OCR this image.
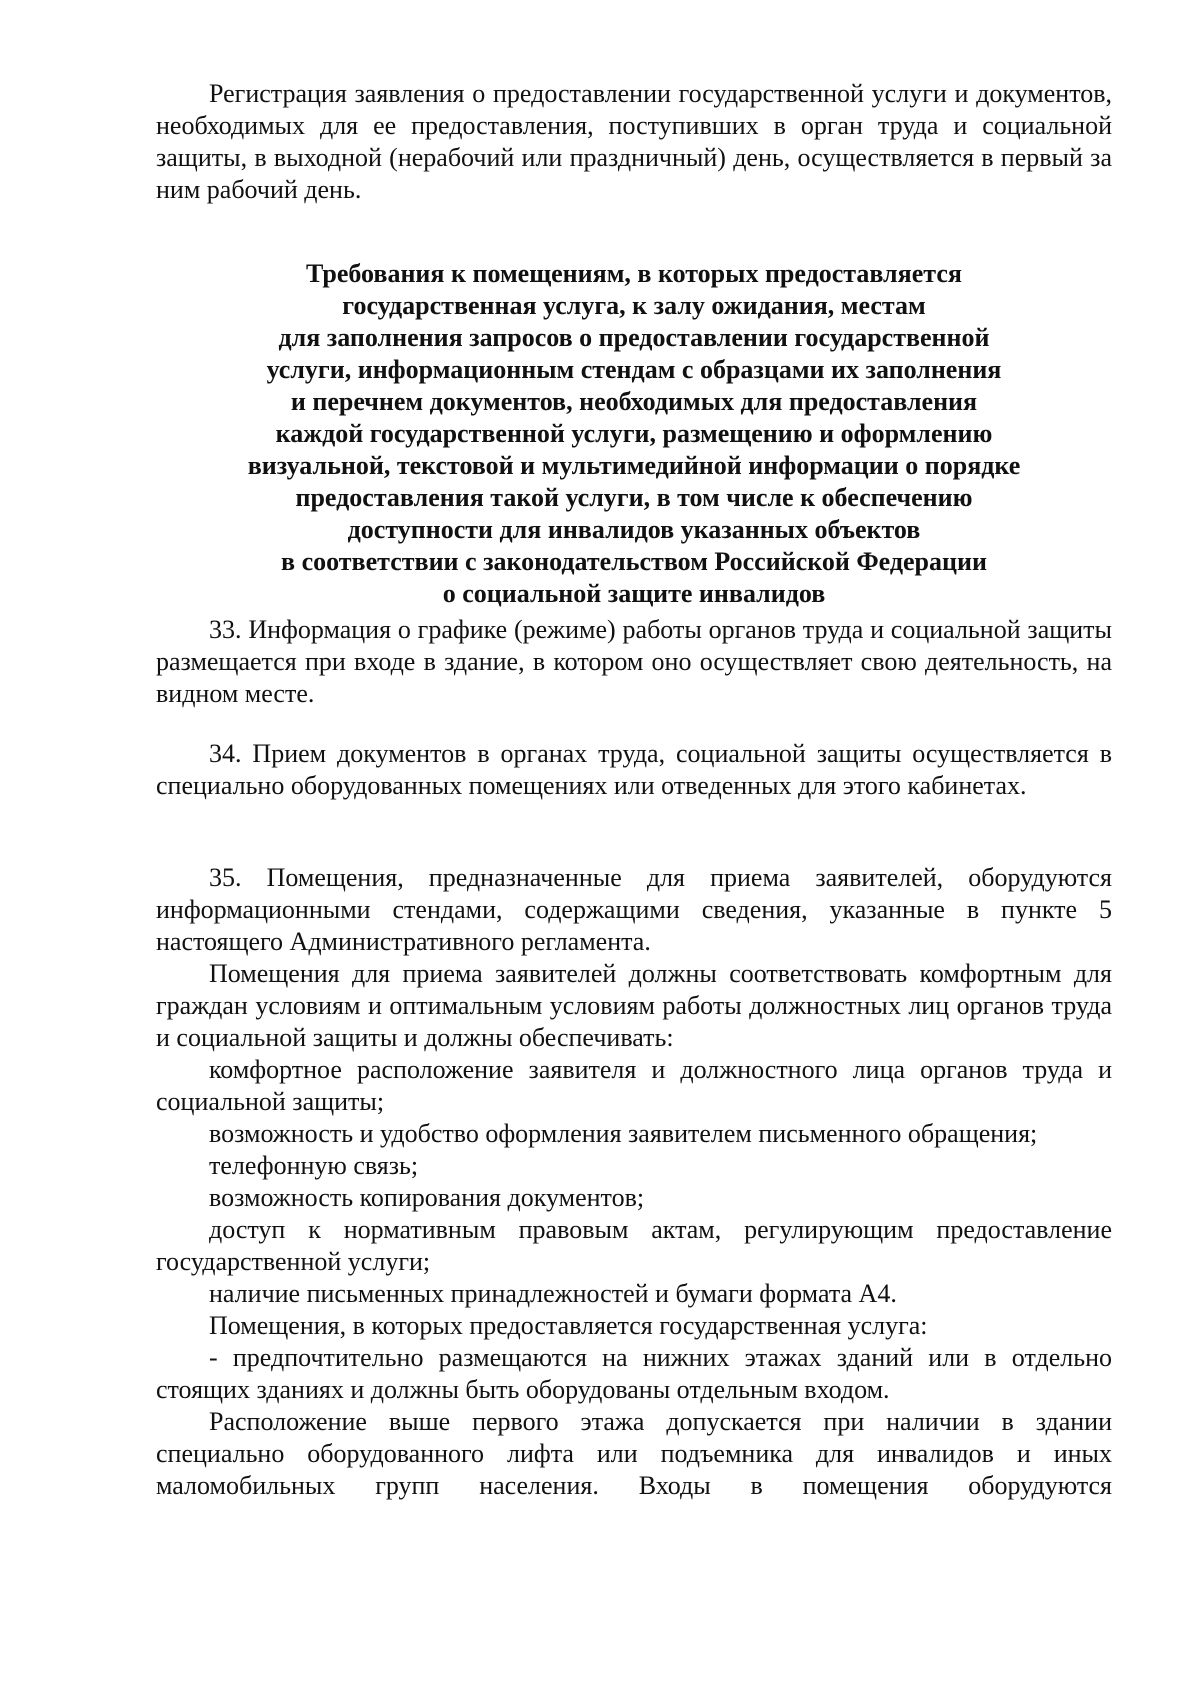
Регистрация заявления о предоставлении государственной услуги и документов, необходимых для ее предоставления, поступивших в орган труда и социальной защиты, в выходной (нерабочий или праздничный) день, осуществляется в первый за ним рабочий день.

Требования к помещениям, в которых предоставляется
государственная услуга, к залу ожидания, местам
для заполнения запросов о предоставлении государственной
услуги, информационным стендам с образцами их заполнения
и перечнем документов, необходимых для предоставления
каждой государственной услуги, размещению и оформлению
визуальной, текстовой и мультимедийной информации о порядке
предоставления такой услуги, в том числе к обеспечению
доступности для инвалидов указанных объектов
в соответствии с законодательством Российской Федерации
о социальной защите инвалидов

33. Информация о графике (режиме) работы органов труда и социальной защиты размещается при входе в здание, в котором оно осуществляет свою деятельность, на видном месте.

34. Прием документов в органах труда, социальной защиты осуществляется в специально оборудованных помещениях или отведенных для этого кабинетах.

35. Помещения, предназначенные для приема заявителей, оборудуются информационными стендами, содержащими сведения, указанные в пункте 5 настоящего Административного регламента.

Помещения для приема заявителей должны соответствовать комфортным для граждан условиям и оптимальным условиям работы должностных лиц органов труда и социальной защиты и должны обеспечивать:

комфортное расположение заявителя и должностного лица органов труда и социальной защиты;

возможность и удобство оформления заявителем письменного обращения;

телефонную связь;

возможность копирования документов;

доступ к нормативным правовым актам, регулирующим предоставление государственной услуги;

наличие письменных принадлежностей и бумаги формата А4.

Помещения, в которых предоставляется государственная услуга:

- предпочтительно размещаются на нижних этажах зданий или в отдельно стоящих зданиях и должны быть оборудованы отдельным входом.

Расположение выше первого этажа допускается при наличии в здании специально оборудованного лифта или подъемника для инвалидов и иных маломобильных групп населения. Входы в помещения оборудуются
